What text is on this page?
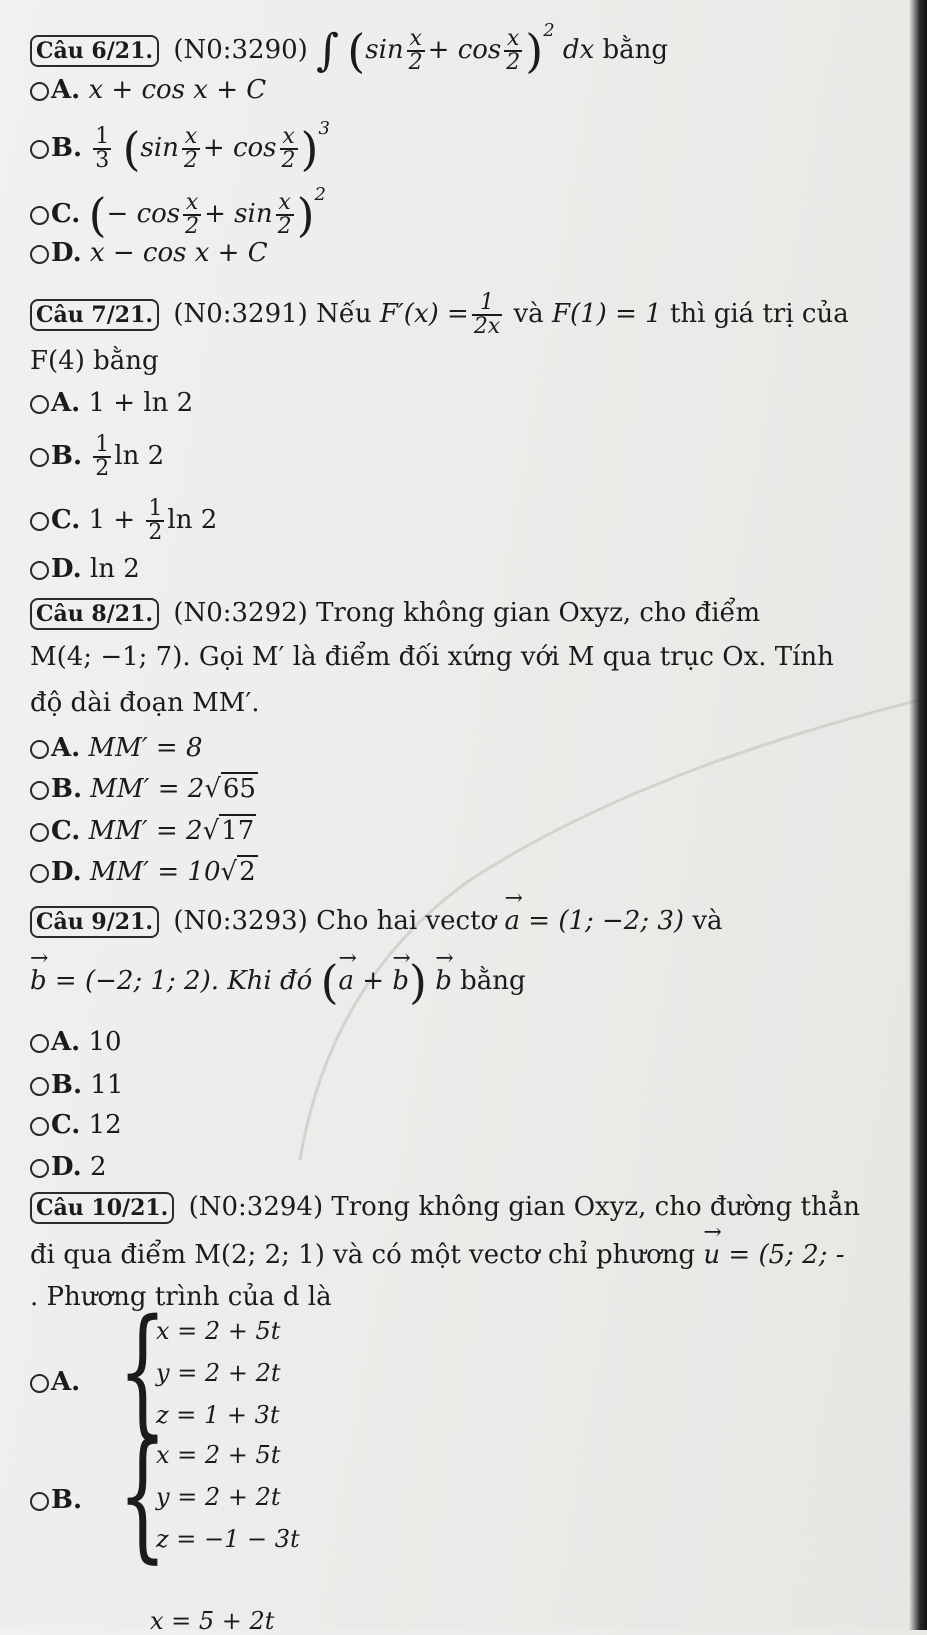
Câu 6/21. (N0:3290) ∫ $(\sin \frac{x}{2} + \cos \frac{x}{2} )^2$ dx bằng
A. x + cos x + C
B. $\frac{1}{3} (\sin \frac{x}{2} + \cos \frac{x}{2} )^3$
C. (− $\cos \frac{x}{2} + \sin \frac{x}{2} )^2$
D. x − cos x + C
Câu 7/21. (N0:3291) Nếu $F'(x) = \frac{1}{2x}$ và F(1) = 1 thì giá trị của
F(4) bằng
A. 1 + ln 2
B. $\frac{1}{2}$ ln 2
C. $1 + \frac{1}{2}$ ln 2
D. ln 2
Câu 8/21. (N0:3292) Trong không gian Oxyz, cho điểm
M(4; −1; 7). Gọi M′ là điểm đối xứng với M qua trục Ox. Tính
độ dài đoạn MM′.
A. MM′ = 8
B. MM′ = 2√65
C. MM′ = 2√17
D. MM′ = 10√2
Câu 9/21. (N0:3293) Cho hai vectơ → a = (1; −2; 3) và
→ b = (−2; 1; 2). Khi đó (→ a + → b) → b bằng
A. 10
B. 11
C. 12
D. 2
Câu 10/21. (N0:3294) Trong không gian Oxyz, cho đường thẳn
đi qua điểm M(2; 2; 1) và có một vectơ chỉ phương → u = (5; 2; -
. Phương trình của d là
A. {
x = 2 + 5t
y = 2 + 2t
z = 1 + 3t
B. {
x = 2 + 5t
y = 2 + 2t
z = −1 − 3t
x = 5 + 2t
